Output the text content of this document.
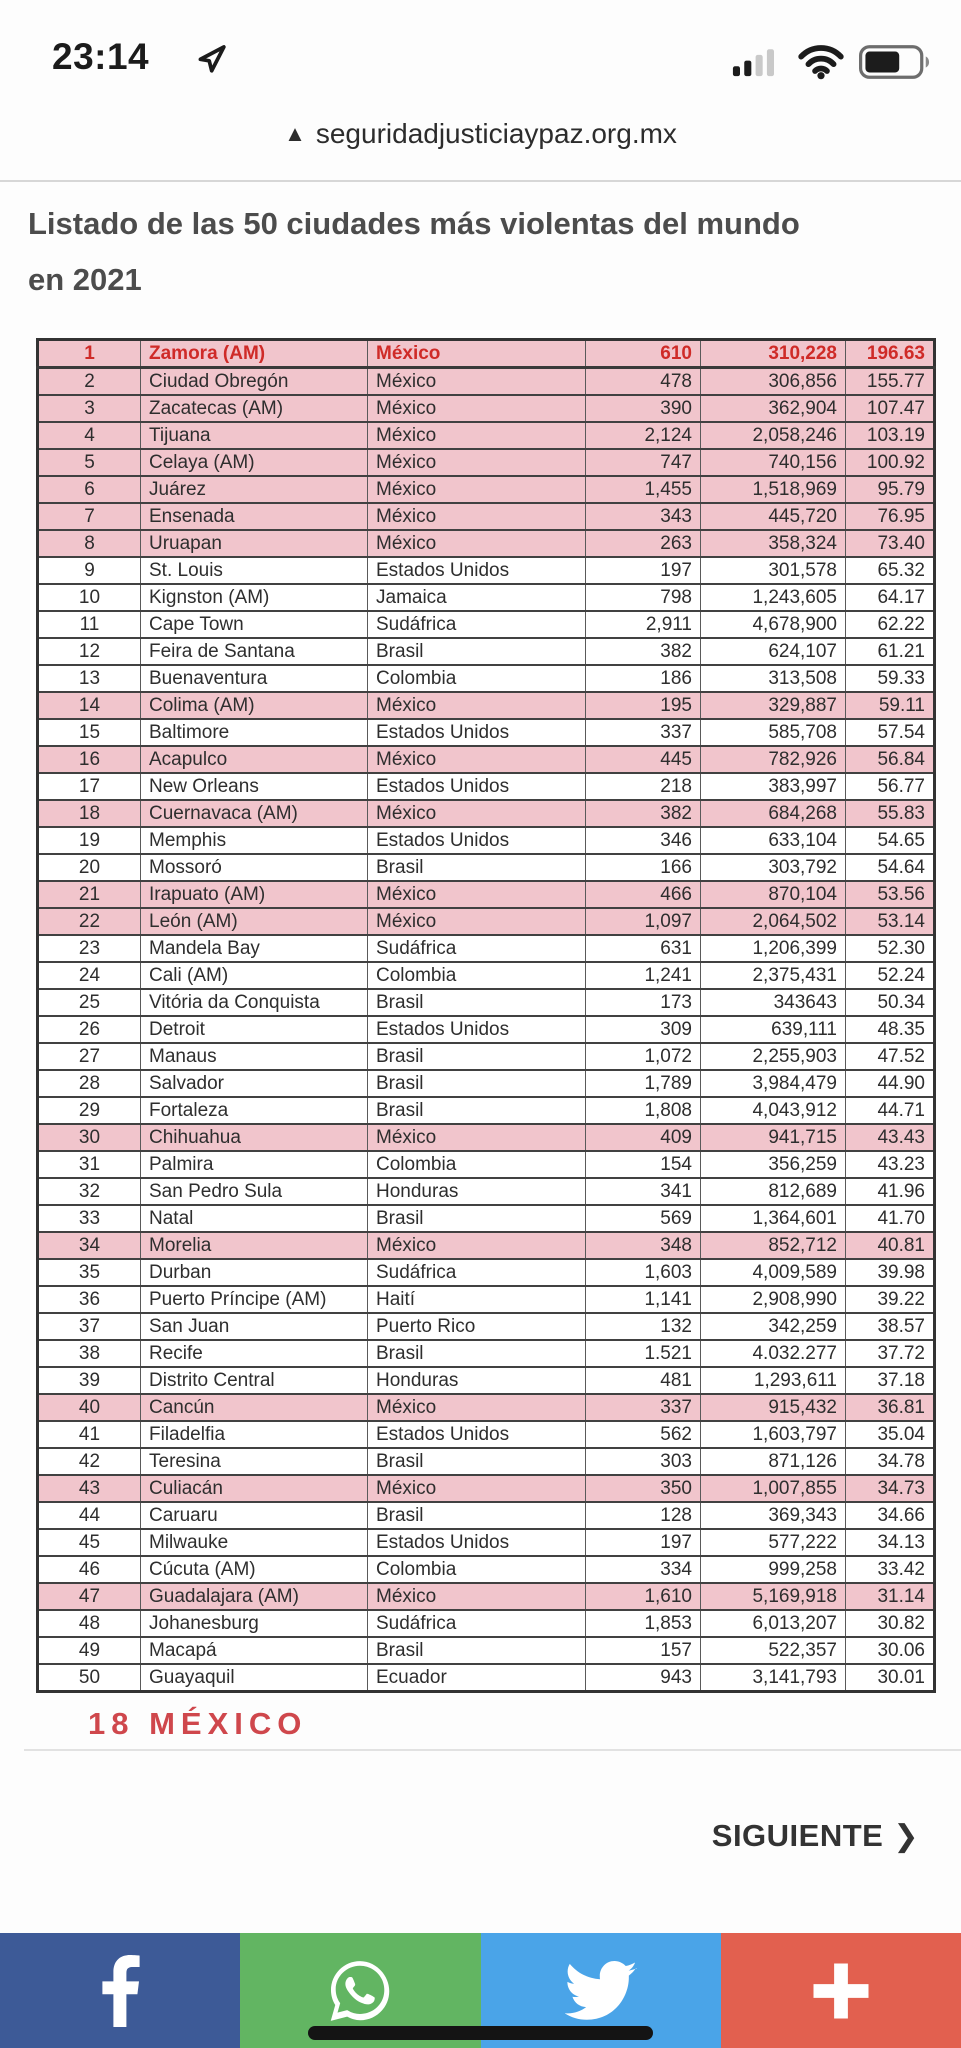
23:14
▲ seguridadjusticiaypaz.org.mx
Listado de las 50 ciudades más violentas del mundo
en 2021
1	Zamora (AM)	México	610	310,228	196.63
2	Ciudad Obregón	México	478	306,856	155.77
3	Zacatecas (AM)	México	390	362,904	107.47
4	Tijuana	México	2,124	2,058,246	103.19
5	Celaya (AM)	México	747	740,156	100.92
6	Juárez	México	1,455	1,518,969	95.79
7	Ensenada	México	343	445,720	76.95
8	Uruapan	México	263	358,324	73.40
9	St. Louis	Estados Unidos	197	301,578	65.32
10	Kignston (AM)	Jamaica	798	1,243,605	64.17
11	Cape Town	Sudáfrica	2,911	4,678,900	62.22
12	Feira de Santana	Brasil	382	624,107	61.21
13	Buenaventura	Colombia	186	313,508	59.33
14	Colima (AM)	México	195	329,887	59.11
15	Baltimore	Estados Unidos	337	585,708	57.54
16	Acapulco	México	445	782,926	56.84
17	New Orleans	Estados Unidos	218	383,997	56.77
18	Cuernavaca (AM)	México	382	684,268	55.83
19	Memphis	Estados Unidos	346	633,104	54.65
20	Mossoró	Brasil	166	303,792	54.64
21	Irapuato (AM)	México	466	870,104	53.56
22	León (AM)	México	1,097	2,064,502	53.14
23	Mandela Bay	Sudáfrica	631	1,206,399	52.30
24	Cali (AM)	Colombia	1,241	2,375,431	52.24
25	Vitória da Conquista	Brasil	173	343643	50.34
26	Detroit	Estados Unidos	309	639,111	48.35
27	Manaus	Brasil	1,072	2,255,903	47.52
28	Salvador	Brasil	1,789	3,984,479	44.90
29	Fortaleza	Brasil	1,808	4,043,912	44.71
30	Chihuahua	México	409	941,715	43.43
31	Palmira	Colombia	154	356,259	43.23
32	San Pedro Sula	Honduras	341	812,689	41.96
33	Natal	Brasil	569	1,364,601	41.70
34	Morelia	México	348	852,712	40.81
35	Durban	Sudáfrica	1,603	4,009,589	39.98
36	Puerto Príncipe (AM)	Haití	1,141	2,908,990	39.22
37	San Juan	Puerto Rico	132	342,259	38.57
38	Recife	Brasil	1.521	4.032.277	37.72
39	Distrito Central	Honduras	481	1,293,611	37.18
40	Cancún	México	337	915,432	36.81
41	Filadelfia	Estados Unidos	562	1,603,797	35.04
42	Teresina	Brasil	303	871,126	34.78
43	Culiacán	México	350	1,007,855	34.73
44	Caruaru	Brasil	128	369,343	34.66
45	Milwauke	Estados Unidos	197	577,222	34.13
46	Cúcuta (AM)	Colombia	334	999,258	33.42
47	Guadalajara (AM)	México	1,610	5,169,918	31.14
48	Johanesburg	Sudáfrica	1,853	6,013,207	30.82
49	Macapá	Brasil	157	522,357	30.06
50	Guayaquil	Ecuador	943	3,141,793	30.01
18 MÉXICO
SIGUIENTE ❯
